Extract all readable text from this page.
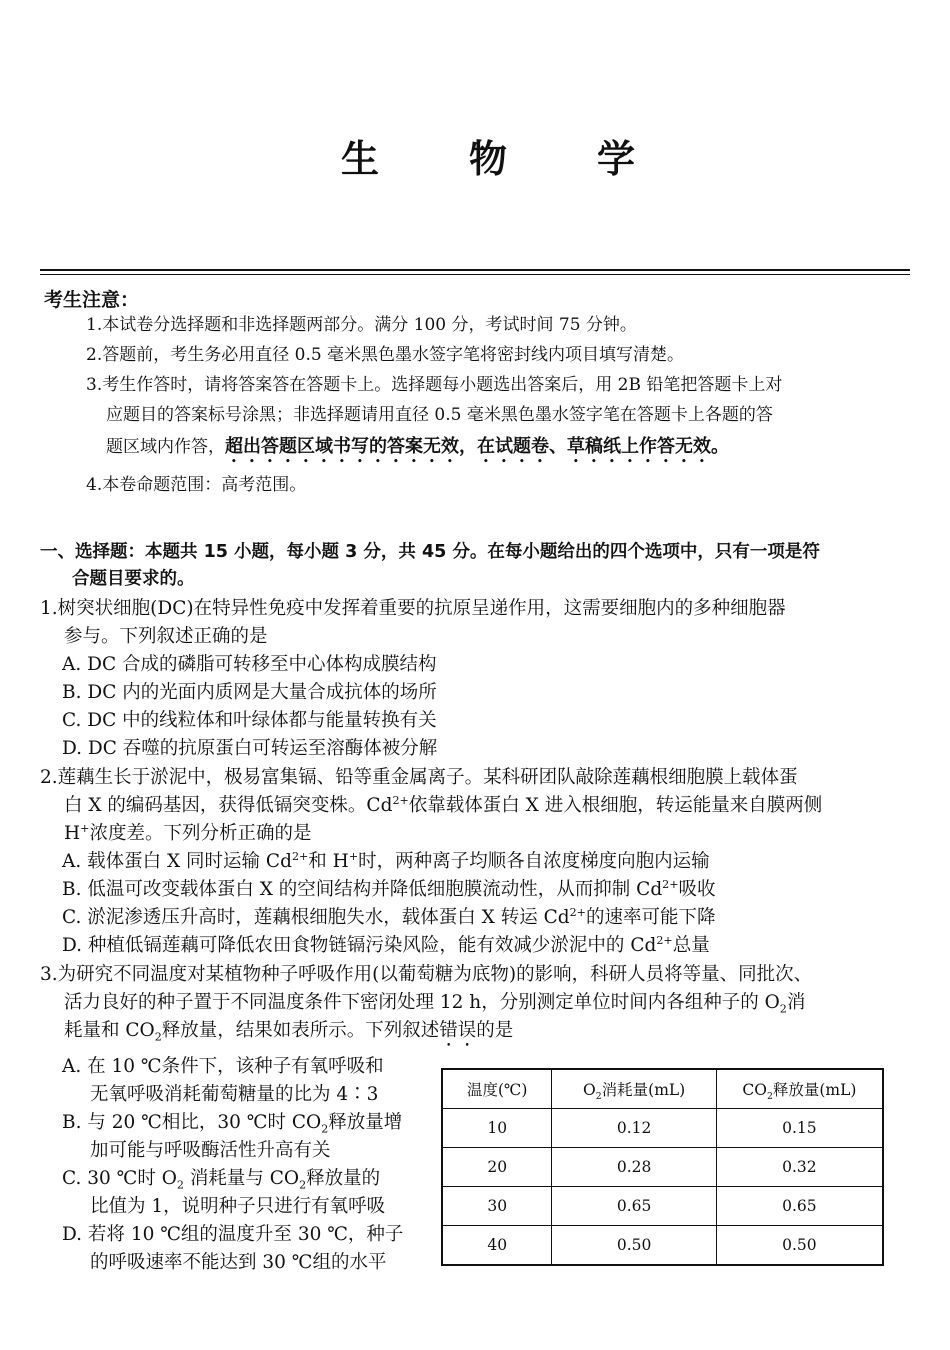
生　物　学
考生注意：
1.本试卷分选择题和非选择题两部分。满分 100 分，考试时间 75 分钟。
2.答题前，考生务必用直径 0.5 毫米黑色墨水签字笔将密封线内项目填写清楚。
3.考生作答时，请将答案答在答题卡上。选择题每小题选出答案后，用 2B 铅笔把答题卡上对
应题目的答案标号涂黑；非选择题请用直径 0.5 毫米黑色墨水签字笔在答题卡上各题的答
题区域内作答，超出答题区域书写的答案无效，在试题卷、草稿纸上作答无效。
4.本卷命题范围：高考范围。
一、选择题：本题共 15 小题，每小题 3 分，共 45 分。在每小题给出的四个选项中，只有一项是符
合题目要求的。
1.树突状细胞(DC)在特异性免疫中发挥着重要的抗原呈递作用，这需要细胞内的多种细胞器
参与。下列叙述正确的是
A. DC 合成的磷脂可转移至中心体构成膜结构
B. DC 内的光面内质网是大量合成抗体的场所
C. DC 中的线粒体和叶绿体都与能量转换有关
D. DC 吞噬的抗原蛋白可转运至溶酶体被分解
2.莲藕生长于淤泥中，极易富集镉、铅等重金属离子。某科研团队敲除莲藕根细胞膜上载体蛋
白 X 的编码基因，获得低镉突变株。$Cd^{2+}$依靠载体蛋白 X 进入根细胞，转运能量来自膜两侧
H+浓度差。下列分析正确的是
A. 载体蛋白 X 同时运输 $Cd^{2+}$和 H+时，两种离子均顺各自浓度梯度向胞内运输
B. 低温可改变载体蛋白 X 的空间结构并降低细胞膜流动性，从而抑制 $Cd^{2+}$吸收
C. 淤泥渗透压升高时，莲藕根细胞失水，载体蛋白 X 转运 $Cd^{2+}$的速率可能下降
D. 种植低镉莲藕可降低农田食物链镉污染风险，能有效减少淤泥中的 $Cd^{2+}$总量
3.为研究不同温度对某植物种子呼吸作用(以葡萄糖为底物)的影响，科研人员将等量、同批次、
活力良好的种子置于不同温度条件下密闭处理 12 h，分别测定单位时间内各组种子的 $O_2$消
耗量和 $CO_2$释放量，结果如表所示。下列叙述错误的是
A. 在 10 ℃条件下，该种子有氧呼吸和
无氧呼吸消耗葡萄糖量的比为 4∶3
B. 与 20 ℃相比，30 ℃时 $CO_2$释放量增
加可能与呼吸酶活性升高有关
C. 30 ℃时 $O_2$ 消耗量与 $CO_2$释放量的
比值为 1，说明种子只进行有氧呼吸
D. 若将 10 ℃组的温度升至 30 ℃，种子
的呼吸速率不能达到 30 ℃组的水平
温度(℃)	$O_2$消耗量(mL)	$CO_2$释放量(mL)
10	0.12	0.15
20	0.28	0.32
30	0.65	0.65
40	0.50	0.50
